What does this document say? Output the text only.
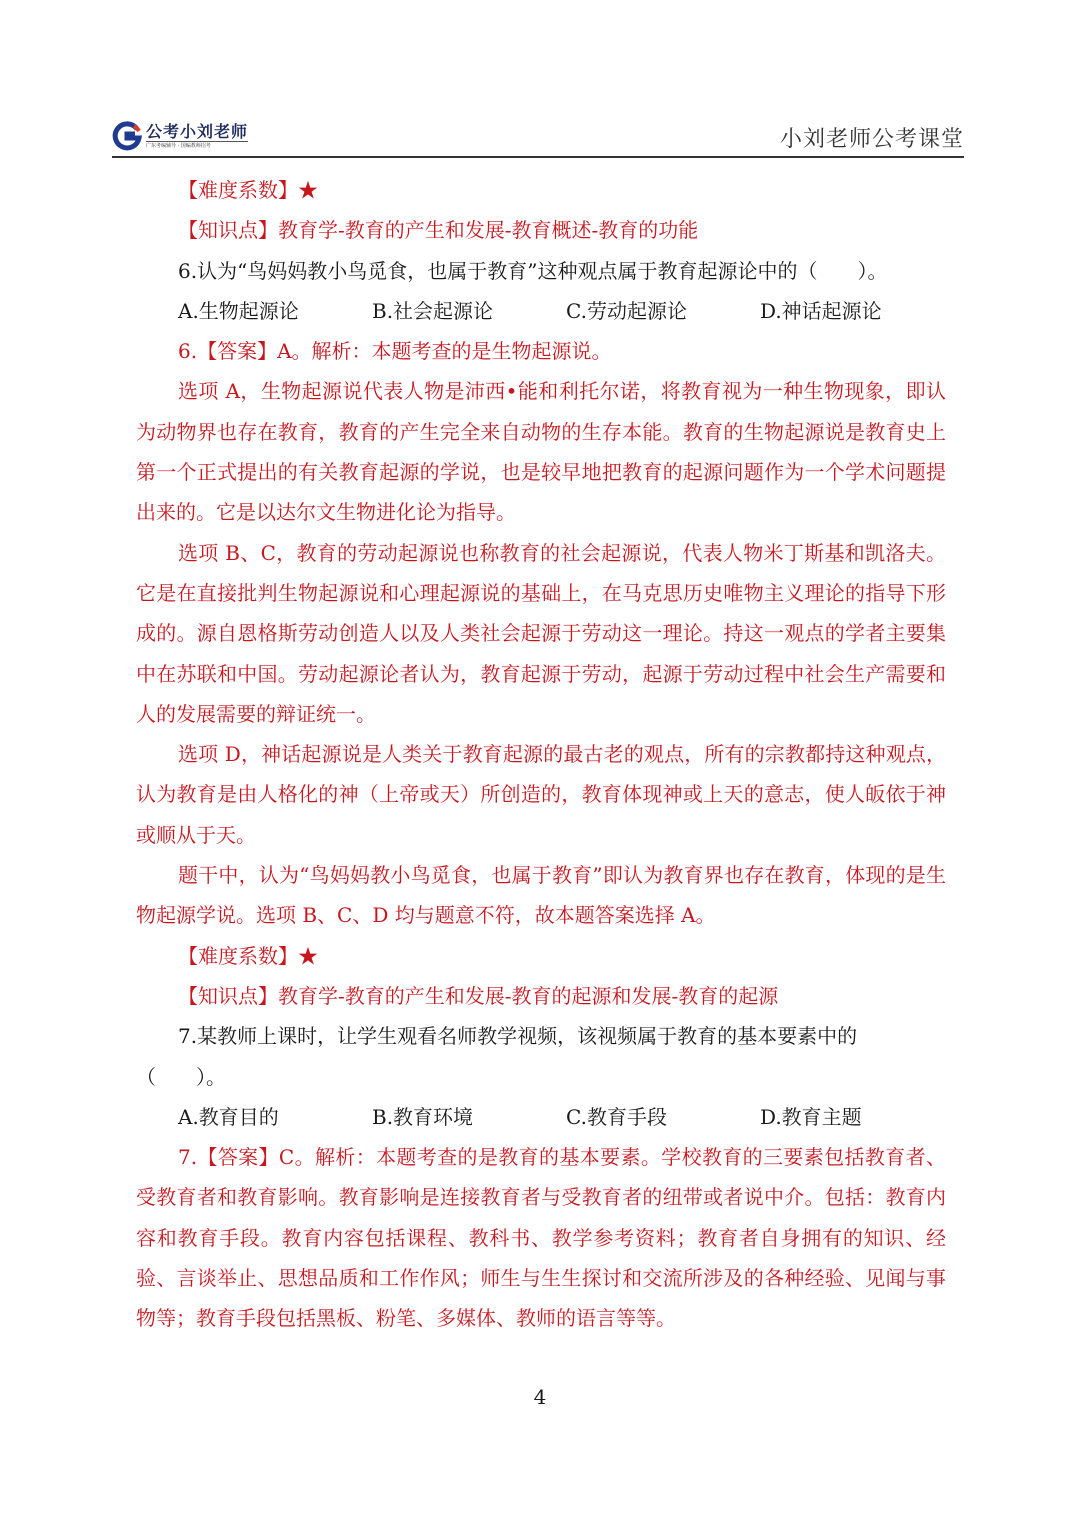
公考小刘老师
广东考编辅导 · 国编教师招考	小刘老师公考课堂

【难度系数】★

【知识点】教育学-教育的产生和发展-教育概述-教育的功能

6.认为“鸟妈妈教小鸟觅食，也属于教育”这种观点属于教育起源论中的（　　）。

A.生物起源论	B.社会起源论	C.劳动起源论	D.神话起源论

6.【答案】A。解析：本题考查的是生物起源说。

选项 A，生物起源说代表人物是沛西•能和利托尔诺，将教育视为一种生物现象，即认为动物界也存在教育，教育的产生完全来自动物的生存本能。教育的生物起源说是教育史上第一个正式提出的有关教育起源的学说，也是较早地把教育的起源问题作为一个学术问题提出来的。它是以达尔文生物进化论为指导。

选项 B、C，教育的劳动起源说也称教育的社会起源说，代表人物米丁斯基和凯洛夫。它是在直接批判生物起源说和心理起源说的基础上，在马克思历史唯物主义理论的指导下形成的。源自恩格斯劳动创造人以及人类社会起源于劳动这一理论。持这一观点的学者主要集中在苏联和中国。劳动起源论者认为，教育起源于劳动，起源于劳动过程中社会生产需要和人的发展需要的辩证统一。

选项 D，神话起源说是人类关于教育起源的最古老的观点，所有的宗教都持这种观点，认为教育是由人格化的神（上帝或天）所创造的，教育体现神或上天的意志，使人皈依于神或顺从于天。

题干中，认为“鸟妈妈教小鸟觅食，也属于教育”即认为教育界也存在教育，体现的是生物起源学说。选项 B、C、D 均与题意不符，故本题答案选择 A。

【难度系数】★

【知识点】教育学-教育的产生和发展-教育的起源和发展-教育的起源

7.某教师上课时，让学生观看名师教学视频，该视频属于教育的基本要素中的

（　　）。

A.教育目的	B.教育环境	C.教育手段	D.教育主题

7.【答案】C。解析：本题考查的是教育的基本要素。学校教育的三要素包括教育者、受教育者和教育影响。教育影响是连接教育者与受教育者的纽带或者说中介。包括：教育内容和教育手段。教育内容包括课程、教科书、教学参考资料；教育者自身拥有的知识、经验、言谈举止、思想品质和工作作风；师生与生生探讨和交流所涉及的各种经验、见闻与事物等；教育手段包括黑板、粉笔、多媒体、教师的语言等等。

4
